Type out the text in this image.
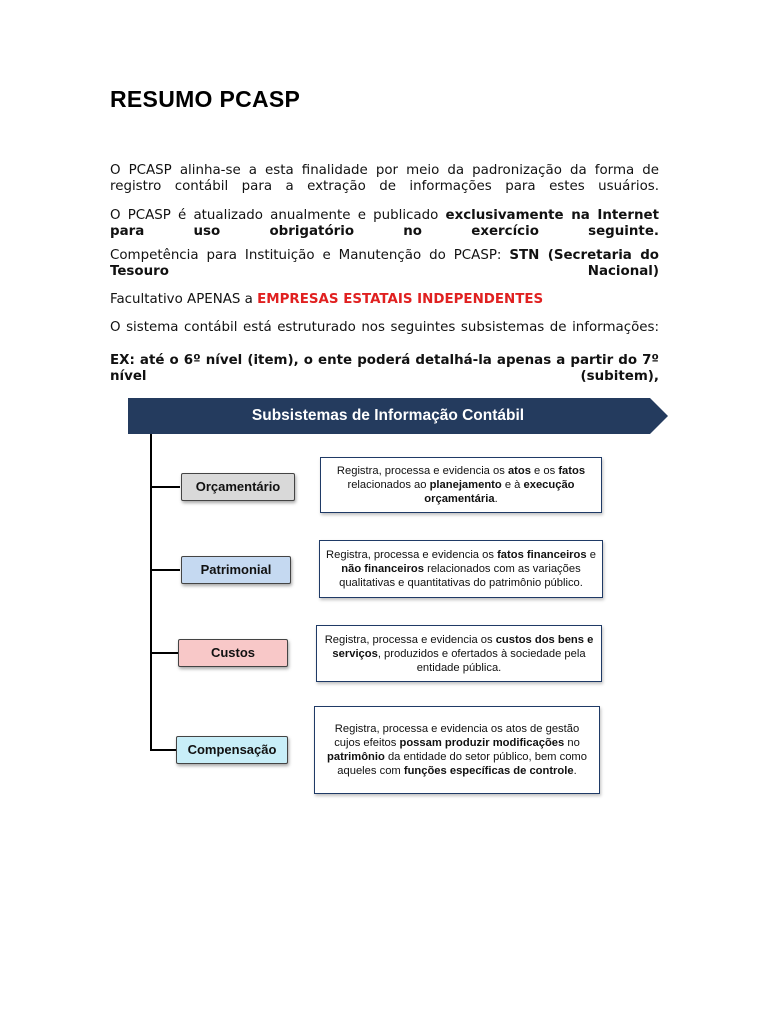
RESUMO PCASP
O PCASP alinha-se a esta finalidade por meio da padronização da forma de registro contábil para a extração de informações para estes usuários.
O PCASP é atualizado anualmente e publicado exclusivamente na Internet para uso obrigatório no exercício seguinte.
Competência para Instituição e Manutenção do PCASP: STN (Secretaria do Tesouro Nacional)
Facultativo APENAS a EMPRESAS ESTATAIS INDEPENDENTES
O sistema contábil está estruturado nos seguintes subsistemas de informações:
EX: até o 6º nível (item), o ente poderá detalhá-la apenas a partir do 7º nível (subitem),
Subsistemas de Informação Contábil
Orçamentário
Registra, processa e evidencia os atos e os fatos relacionados ao planejamento e à execução orçamentária.
Patrimonial
Registra, processa e evidencia os fatos financeiros e não financeiros relacionados com as variações qualitativas e quantitativas do patrimônio público.
Custos
Registra, processa e evidencia os custos dos bens e serviços, produzidos e ofertados à sociedade pela entidade pública.
Compensação
Registra, processa e evidencia os atos de gestão cujos efeitos possam produzir modificações no patrimônio da entidade do setor público, bem como aqueles com funções específicas de controle.
